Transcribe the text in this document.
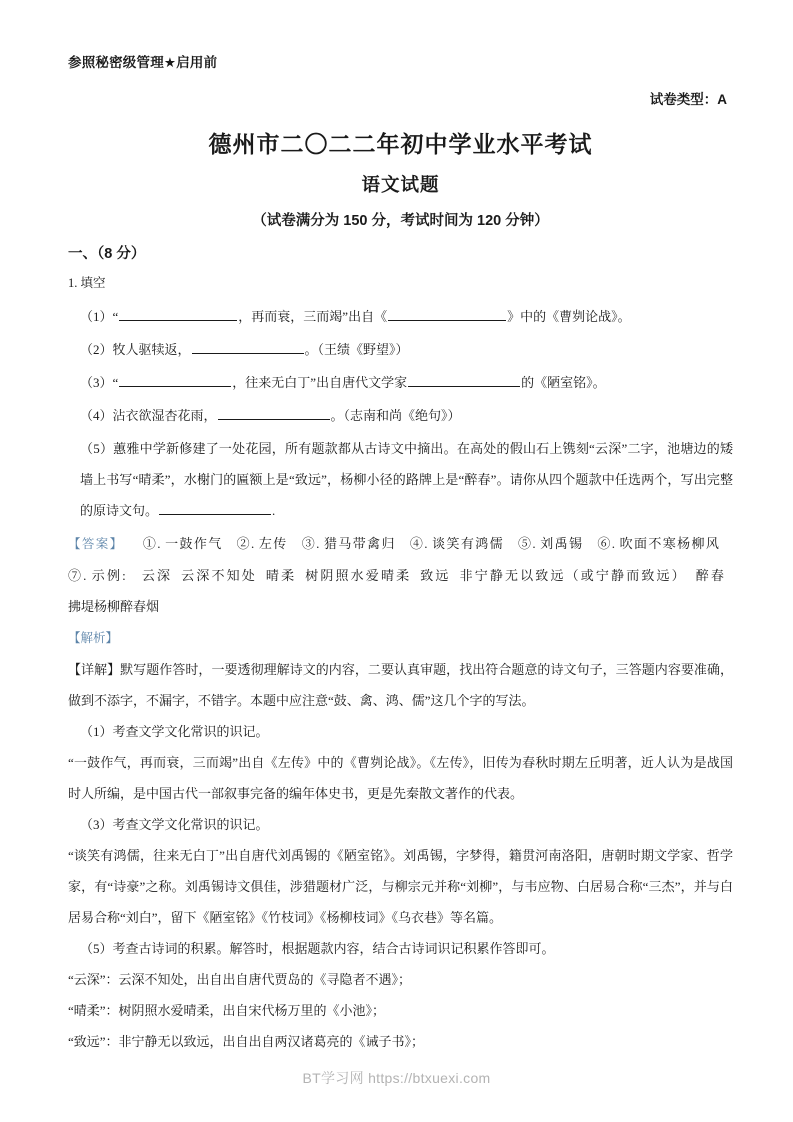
参照秘密级管理★启用前
试卷类型：A
德州市二〇二二年初中学业水平考试
语文试题
（试卷满分为 150 分，考试时间为 120 分钟）
一、（8 分）
1. 填空

（1）“	，再而衰，三而竭”出自《	》中的《曹刿论战》。

（2）牧人驱犊返，	。（王绩《野望》）

（3）“	，往来无白丁”出自唐代文学家	的《陋室铭》。

（4）沾衣欲湿杏花雨，	。（志南和尚《绝句》）

（5）蕙雅中学新修建了一处花园，所有题款都从古诗文中摘出。在高处的假山石上镌刻“云深”二字，池塘边的矮墙上书写“晴柔”，水榭门的匾额上是“致远”，杨柳小径的路牌上是“醉春”。请你从四个题款中任选两个，写出完整的原诗文句。	.

【答案】 ①. 一鼓作气 ②. 左传 ③. 猎马带禽归 ④. 谈笑有鸿儒 ⑤. 刘禹锡 ⑥. 吹面不寒杨柳风⑦. 示例: 云深 云深不知处 晴柔 树阴照水爱晴柔 致远 非宁静无以致远（或宁静而致远） 醉春拂堤杨柳醉春烟
【解析】
【详解】默写题作答时，一要透彻理解诗文的内容，二要认真审题，找出符合题意的诗文句子，三答题内容要准确，做到不添字，不漏字，不错字。本题中应注意“鼓、禽、鸿、儒”这几个字的写法。

（1）考查文学文化常识的识记。

“一鼓作气，再而衰，三而竭”出自《左传》中的《曹刿论战》。《左传》，旧传为春秋时期左丘明著，近人认为是战国时人所编，是中国古代一部叙事完备的编年体史书，更是先秦散文著作的代表。

（3）考查文学文化常识的识记。

“谈笑有鸿儒，往来无白丁”出自唐代刘禹锡的《陋室铭》。刘禹锡，字梦得，籍贯河南洛阳，唐朝时期文学家、哲学家，有“诗豪”之称。刘禹锡诗文俱佳，涉猎题材广泛，与柳宗元并称“刘柳”，与韦应物、白居易合称“三杰”，并与白居易合称“刘白”，留下《陋室铭》《竹枝词》《杨柳枝词》《乌衣巷》等名篇。

（5）考查古诗词的积累。解答时，根据题款内容，结合古诗词识记积累作答即可。

“云深”：云深不知处，出自出自唐代贾岛的《寻隐者不遇》；

“晴柔”：树阴照水爱晴柔，出自宋代杨万里的《小池》；

“致远”：非宁静无以致远，出自出自两汉诸葛亮的《诫子书》；

BT学习网 https://btxuexi.com
